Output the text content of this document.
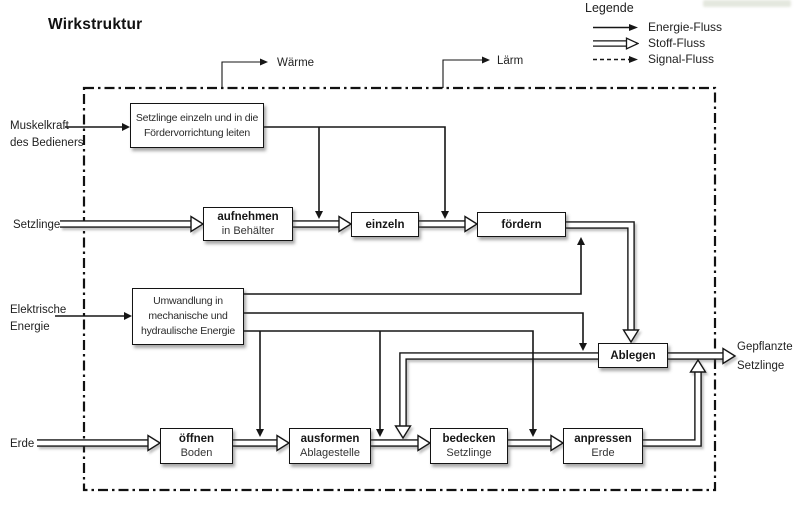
Wirkstruktur
Legende
Energie-Fluss
Stoff-Fluss
Signal-Fluss
Setzlinge einzeln und in die
Fördervorrichtung leiten
aufnehmen
in Behälter
einzeln	fördern
Umwandlung in
mechanische und
hydraulische Energie
Ablegen
öffnen
Boden
ausformen
Ablagestelle
bedecken
Setzlinge
anpressen
Erde
Muskelkraft
des Bedieners
Setzlinge
Elektrische
Energie
Erde
Wärme	Lärm
Gepflanzte
Setzlinge
